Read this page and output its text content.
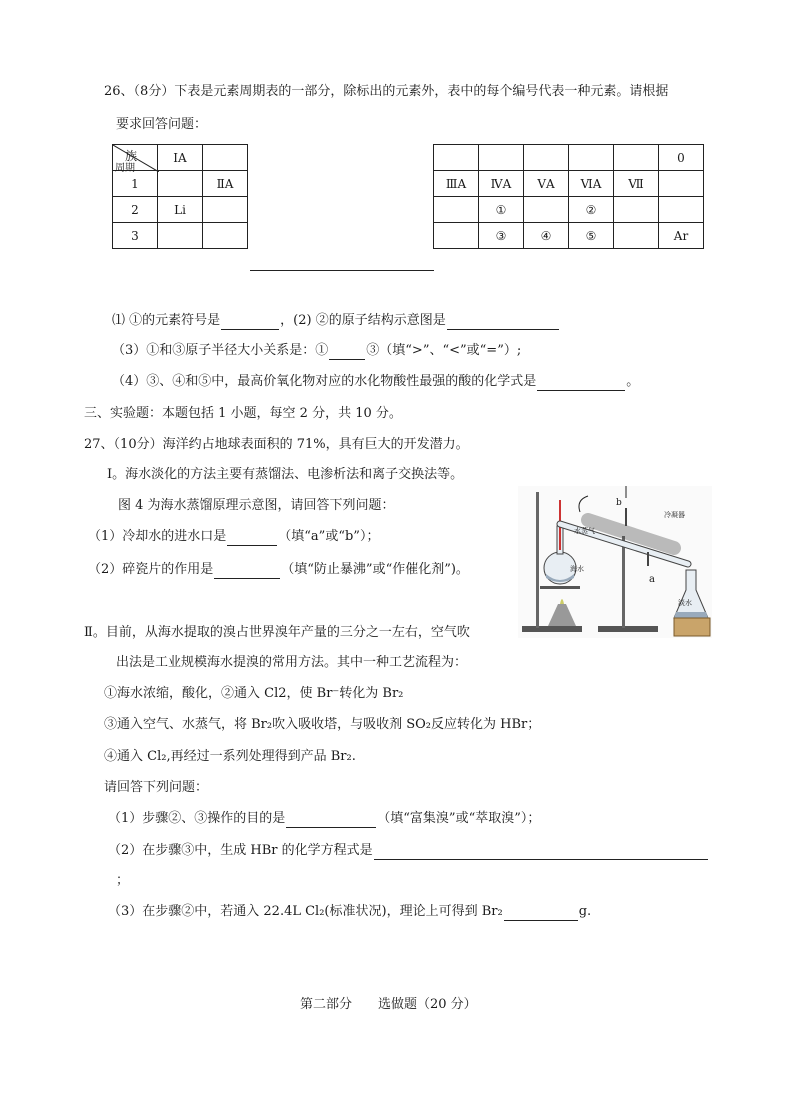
26、（8分）下表是元素周期表的一部分，除标出的元素外，表中的每个编号代表一种元素。请根据
要求回答问题：
族
周期	ⅠA	
1		ⅡA
2	Li	
3		
					0
ⅢA	ⅣA	ⅤA	ⅥA	Ⅶ	
	①		②		
	③	④	⑤		Ar
⑴ ①的元素符号是	，(2) ②的原子结构示意图是
（3）①和③原子半径大小关系是：①	③（填“>”、“<”或“=”）;
（4）③、④和⑤中，最高价氧化物对应的水化物酸性最强的酸的化学式是	。
三、实验题：本题包括 1 小题，每空 2 分，共 10 分。
27、（10分）海洋约占地球表面积的 71%，具有巨大的开发潜力。
Ⅰ。海水淡化的方法主要有蒸馏法、电渗析法和离子交换法等。
图 4 为海水蒸馏原理示意图，请回答下列问题：
（1）冷却水的进水口是	（填“a”或“b”）；
（2）碎瓷片的作用是	（填“防止暴沸”或“作催化剂”)。
b
a
冷凝器
水蒸气
海水
淡水
Ⅱ。目前，从海水提取的溴占世界溴年产量的三分之一左右，空气吹
出法是工业规模海水提溴的常用方法。其中一种工艺流程为：
①海水浓缩，酸化，②通入 Cl2，使 Br⁻转化为 Br₂
③通入空气、水蒸气，将 Br₂吹入吸收塔，与吸收剂 SO₂反应转化为 HBr；
④通入 Cl₂,再经过一系列处理得到产品 Br₂.
请回答下列问题：
（1）步骤②、③操作的目的是	（填“富集溴”或“萃取溴”）；
（2）在步骤③中，生成 HBr 的化学方程式是
；
（3）在步骤②中，若通入 22.4L Cl₂(标准状况)，理论上可得到 Br₂	g.
第二部分　　选做题（20 分）
